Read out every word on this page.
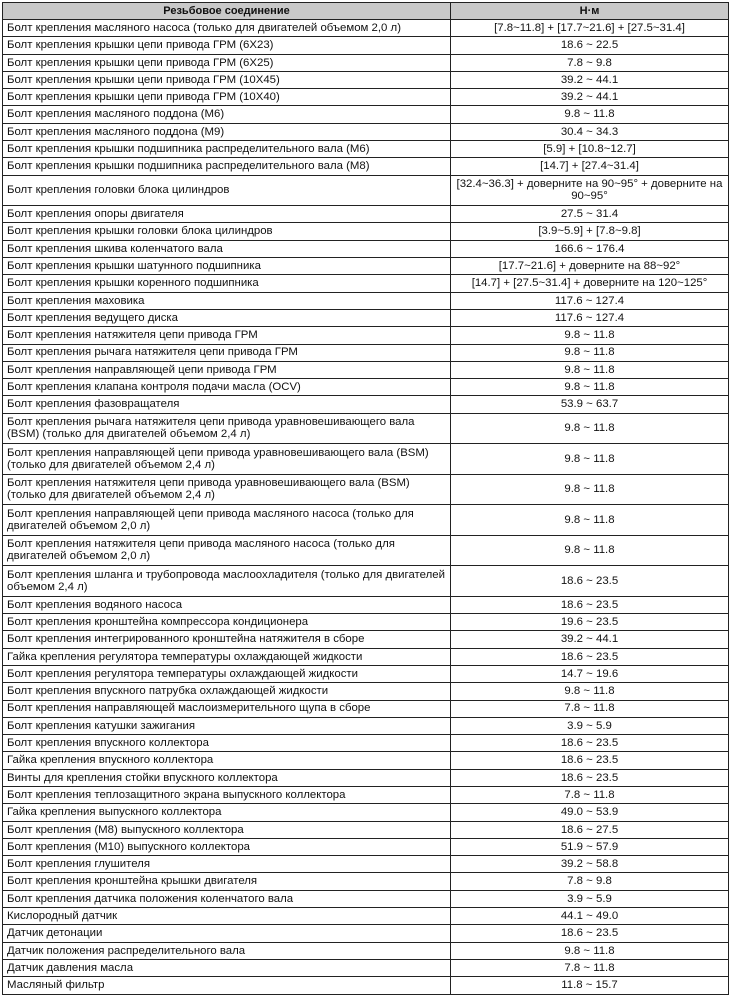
Резьбовое соединение	Н·м
Болт крепления масляного насоса (только для двигателей объемом 2,0 л)	[7.8~11.8] + [17.7~21.6] + [27.5~31.4]
Болт крепления крышки цепи привода ГРМ (6X23)	18.6 ~ 22.5
Болт крепления крышки цепи привода ГРМ (6X25)	7.8 ~ 9.8
Болт крепления крышки цепи привода ГРМ (10X45)	39.2 ~ 44.1
Болт крепления крышки цепи привода ГРМ (10X40)	39.2 ~ 44.1
Болт крепления масляного поддона (М6)	9.8 ~ 11.8
Болт крепления масляного поддона (М9)	30.4 ~ 34.3
Болт крепления крышки подшипника распределительного вала (М6)	[5.9] + [10.8~12.7]
Болт крепления крышки подшипника распределительного вала (М8)	[14.7] + [27.4~31.4]
Болт крепления головки блока цилиндров	[32.4~36.3] + доверните на 90~95° + доверните на 90~95°
Болт крепления опоры двигателя	27.5 ~ 31.4
Болт крепления крышки головки блока цилиндров	[3.9~5.9] + [7.8~9.8]
Болт крепления шкива коленчатого вала	166.6 ~ 176.4
Болт крепления крышки шатунного подшипника	[17.7~21.6] + доверните на 88~92°
Болт крепления крышки коренного подшипника	[14.7] + [27.5~31.4] + доверните на 120~125°
Болт крепления маховика	117.6 ~ 127.4
Болт крепления ведущего диска	117.6 ~ 127.4
Болт крепления натяжителя цепи привода ГРМ	9.8 ~ 11.8
Болт крепления рычага натяжителя цепи привода ГРМ	9.8 ~ 11.8
Болт крепления направляющей цепи привода ГРМ	9.8 ~ 11.8
Болт крепления клапана контроля подачи масла (OCV)	9.8 ~ 11.8
Болт крепления фазовращателя	53.9 ~ 63.7
Болт крепления рычага натяжителя цепи привода уравновешивающего вала (BSM) (только для двигателей объемом 2,4 л)	9.8 ~ 11.8
Болт крепления направляющей цепи привода уравновешивающего вала (BSM) (только для двигателей объемом 2,4 л)	9.8 ~ 11.8
Болт крепления натяжителя цепи привода уравновешивающего вала (BSM) (только для двигателей объемом 2,4 л)	9.8 ~ 11.8
Болт крепления направляющей цепи привода масляного насоса (только для двигателей объемом 2,0 л)	9.8 ~ 11.8
Болт крепления натяжителя цепи привода масляного насоса (только для двигателей объемом 2,0 л)	9.8 ~ 11.8
Болт крепления шланга и трубопровода маслоохладителя (только для двигателей объемом 2,4 л)	18.6 ~ 23.5
Болт крепления водяного насоса	18.6 ~ 23.5
Болт крепления кронштейна компрессора кондиционера	19.6 ~ 23.5
Болт крепления интегрированного кронштейна натяжителя в сборе	39.2 ~ 44.1
Гайка крепления регулятора температуры охлаждающей жидкости	18.6 ~ 23.5
Болт крепления регулятора температуры охлаждающей жидкости	14.7 ~ 19.6
Болт крепления впускного патрубка охлаждающей жидкости	9.8 ~ 11.8
Болт крепления направляющей маслоизмерительного щупа в сборе	7.8 ~ 11.8
Болт крепления катушки зажигания	3.9 ~ 5.9
Болт крепления впускного коллектора	18.6 ~ 23.5
Гайка крепления впускного коллектора	18.6 ~ 23.5
Винты для крепления стойки впускного коллектора	18.6 ~ 23.5
Болт крепления теплозащитного экрана выпускного коллектора	7.8 ~ 11.8
Гайка крепления выпускного коллектора	49.0 ~ 53.9
Болт крепления (М8) выпускного коллектора	18.6 ~ 27.5
Болт крепления (М10) выпускного коллектора	51.9 ~ 57.9
Болт крепления глушителя	39.2 ~ 58.8
Болт крепления кронштейна крышки двигателя	7.8 ~ 9.8
Болт крепления датчика положения коленчатого вала	3.9 ~ 5.9
Кислородный датчик	44.1 ~ 49.0
Датчик детонации	18.6 ~ 23.5
Датчик положения распределительного вала	9.8 ~ 11.8
Датчик давления масла	7.8 ~ 11.8
Масляный фильтр	11.8 ~ 15.7
